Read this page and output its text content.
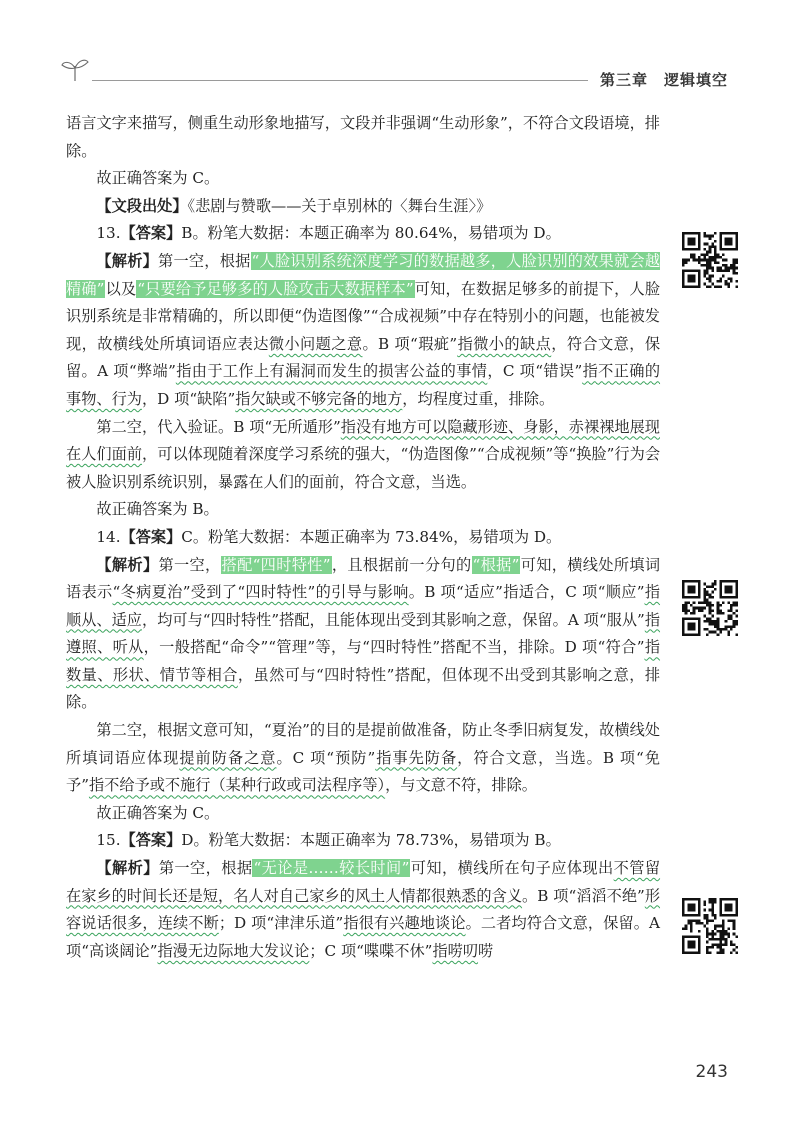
第三章 逻辑填空

语言文字来描写，侧重生动形象地描写，文段并非强调“生动形象”，不符合文段语境，排除。

故正确答案为 C。

【文段出处】《悲剧与赞歌——关于卓别林的〈舞台生涯〉》

13.【答案】B。粉笔大数据：本题正确率为 80.64%，易错项为 D。

【解析】第一空，根据“人脸识别系统深度学习的数据越多，人脸识别的效果就会越精确”以及“只要给予足够多的人脸攻击大数据样本”可知，在数据足够多的前提下，人脸识别系统是非常精确的，所以即便“伪造图像”“合成视频”中存在特别小的问题，也能被发现，故横线处所填词语应表达微小问题之意。B 项“瑕疵”指微小的缺点，符合文意，保留。A 项“弊端”指由于工作上有漏洞而发生的损害公益的事情，C 项“错误”指不正确的事物、行为，D 项“缺陷”指欠缺或不够完备的地方，均程度过重，排除。

第二空，代入验证。B 项“无所遁形”指没有地方可以隐藏形迹、身影，赤裸裸地展现在人们面前，可以体现随着深度学习系统的强大，“伪造图像”“合成视频”等“换脸”行为会被人脸识别系统识别，暴露在人们的面前，符合文意，当选。

故正确答案为 B。

14.【答案】C。粉笔大数据：本题正确率为 73.84%，易错项为 D。

【解析】第一空，搭配“四时特性”，且根据前一分句的“根据”可知，横线处所填词语表示“冬病夏治”受到了“四时特性”的引导与影响。B 项“适应”指适合，C 项“顺应”指顺从、适应，均可与“四时特性”搭配，且能体现出受到其影响之意，保留。A 项“服从”指遵照、听从，一般搭配“命令”“管理”等，与“四时特性”搭配不当，排除。D 项“符合”指数量、形状、情节等相合，虽然可与“四时特性”搭配，但体现不出受到其影响之意，排除。

第二空，根据文意可知，“夏治”的目的是提前做准备，防止冬季旧病复发，故横线处所填词语应体现提前防备之意。C 项“预防”指事先防备，符合文意，当选。B 项“免予”指不给予或不施行（某种行政或司法程序等），与文意不符，排除。

故正确答案为 C。

15.【答案】D。粉笔大数据：本题正确率为 78.73%，易错项为 B。

【解析】第一空，根据“无论是……较长时间”可知，横线所在句子应体现出不管留在家乡的时间长还是短，名人对自己家乡的风土人情都很熟悉的含义。B 项“滔滔不绝”形容说话很多，连续不断；D 项“津津乐道”指很有兴趣地谈论。二者均符合文意，保留。A 项“高谈阔论”指漫无边际地大发议论；C 项“喋喋不休”指唠叨唠

243
